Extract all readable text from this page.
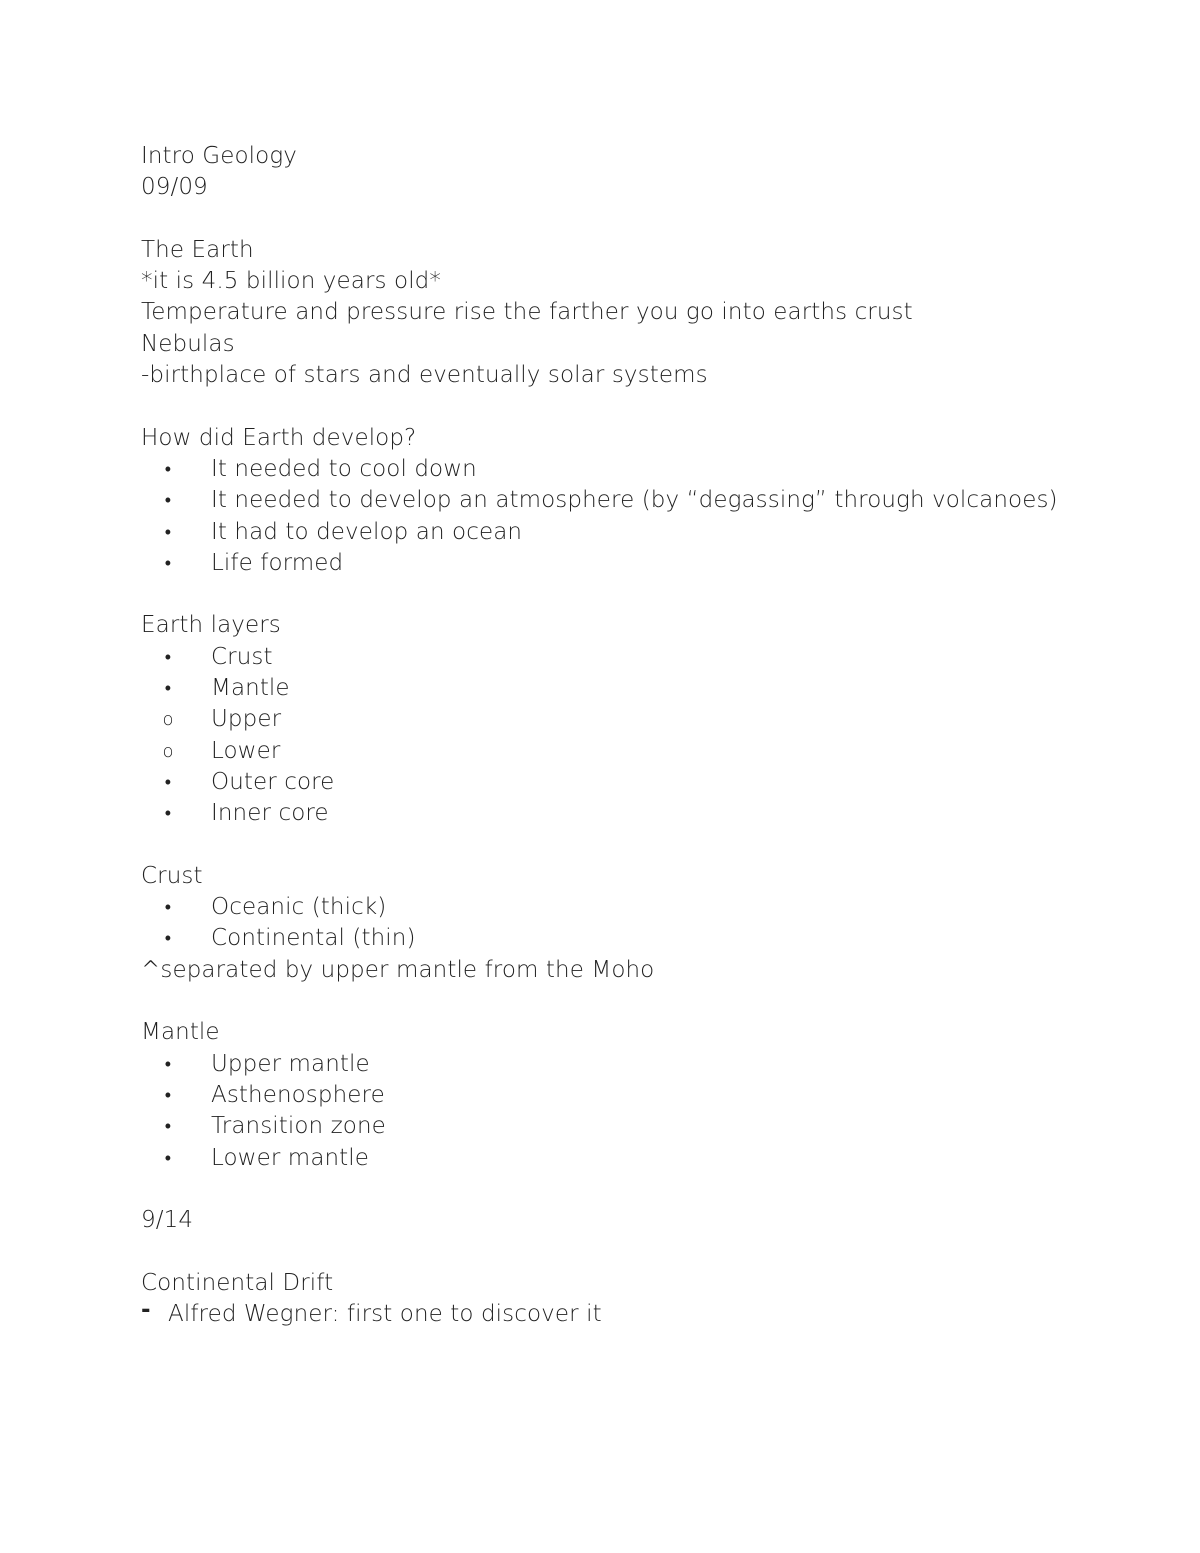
Intro Geology
09/09
The Earth
*it is 4.5 billion years old*
Temperature and pressure rise the farther you go into earths crust
Nebulas
-birthplace of stars and eventually solar systems
How did Earth develop?
• It needed to cool down
• It needed to develop an atmosphere (by “degassing” through volcanoes)
• It had to develop an ocean
• Life formed
Earth layers
• Crust
• Mantle
o Upper
o Lower
• Outer core
• Inner core
Crust
• Oceanic (thick)
• Continental (thin)
^separated by upper mantle from the Moho
Mantle
• Upper mantle
• Asthenosphere
• Transition zone
• Lower mantle
9/14
Continental Drift
- Alfred Wegner: first one to discover it
